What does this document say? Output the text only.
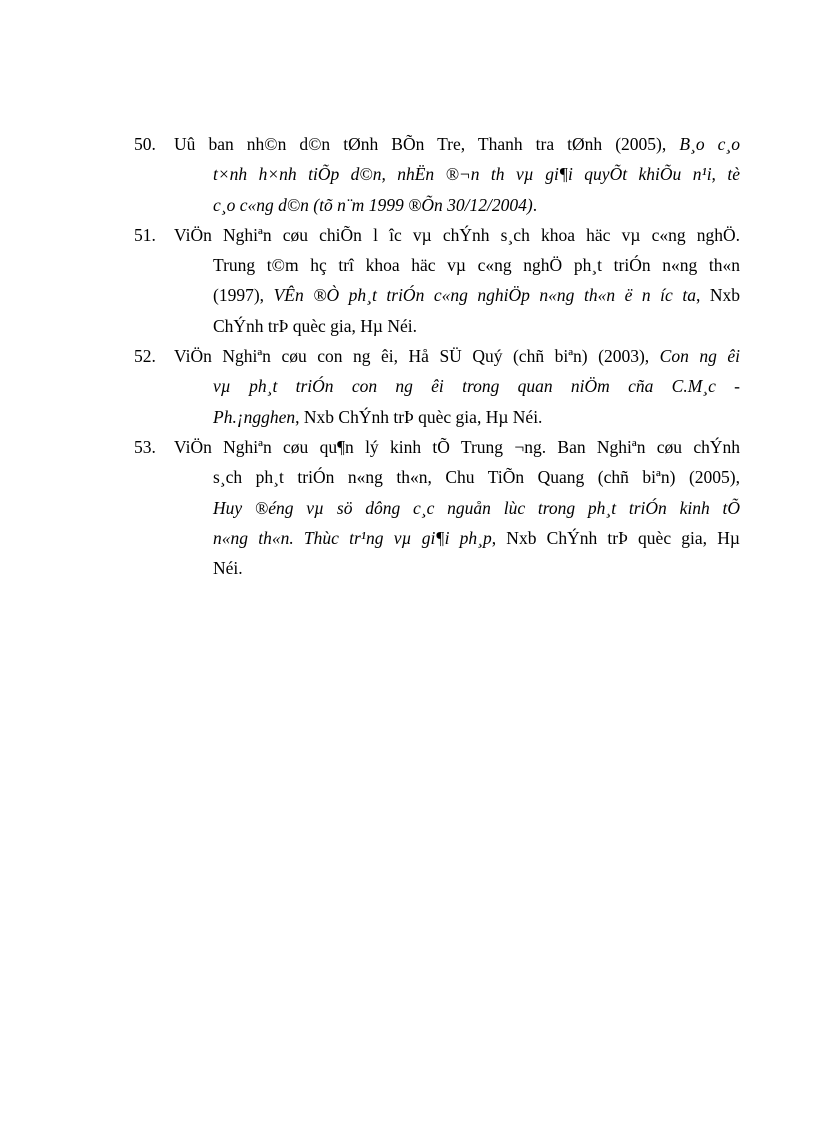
50. Uû ban nh©n d©n tØnh BÕn Tre, Thanh tra tØnh (2005), B¸o c¸o
t×nh h×nh tiÕp d©n, nhËn ®¬n th vµ gi¶i quyÕt khiÕu n¹i, tè
c¸o c«ng d©n (tõ n¨m 1999 ®Õn 30/12/2004).
51. ViÖn Nghiªn cøu chiÕn l îc vµ chÝnh s¸ch khoa häc vµ c«ng nghÖ.
Trung t©m hç trî khoa häc vµ c«ng nghÖ ph¸t triÓn n«ng th«n
(1997), VÊn ®Ò ph¸t triÓn c«ng nghiÖp n«ng th«n ë n íc ta, Nxb
ChÝnh trÞ quèc gia, Hµ Néi.
52. ViÖn Nghiªn cøu con ng êi, Hå SÜ Quý (chñ biªn) (2003), Con ng êi
vµ ph¸t triÓn con ng êi trong quan niÖm cña C.M¸c -
Ph.¡ngghen, Nxb ChÝnh trÞ quèc gia, Hµ Néi.
53. ViÖn Nghiªn cøu qu¶n lý kinh tÕ Trung ¬ng. Ban Nghiªn cøu chÝnh
s¸ch ph¸t triÓn n«ng th«n, Chu TiÕn Quang (chñ biªn) (2005),
Huy ®éng vµ sö dông c¸c nguån lùc trong ph¸t triÓn kinh tÕ
n«ng th«n. Thùc tr¹ng vµ gi¶i ph¸p, Nxb ChÝnh trÞ quèc gia, Hµ
Néi.
